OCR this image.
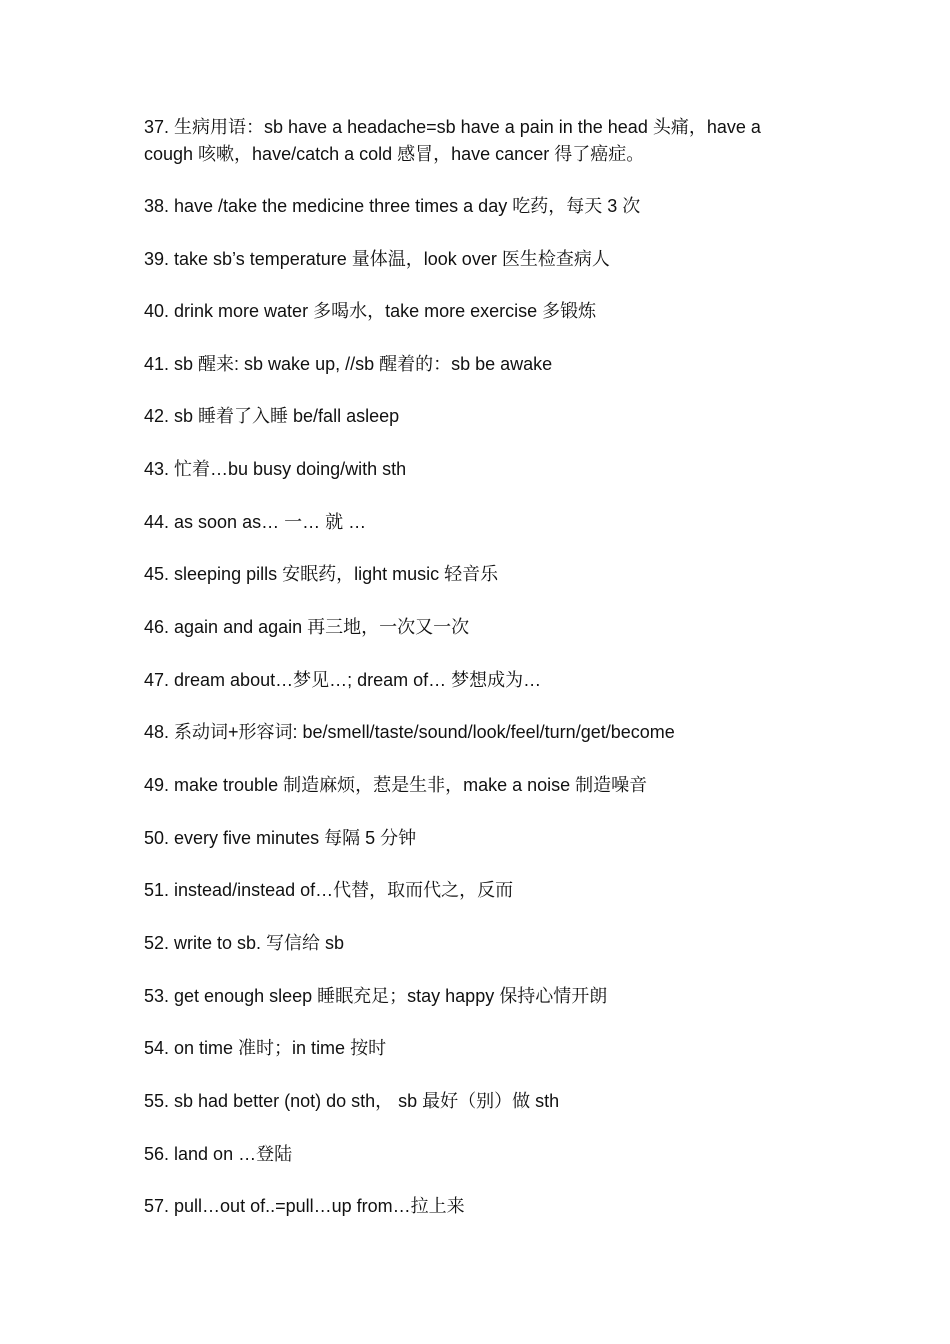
37. 生病用语：sb have a headache=sb have a pain in the head 头痛，have a cough 咳嗽，have/catch a cold 感冒，have cancer 得了癌症。
38. have /take the medicine three times a day 吃药，每天 3 次
39. take sb’s temperature 量体温，look over 医生检查病人
40. drink more water 多喝水，take more exercise 多锻炼
41. sb 醒来: sb wake up, //sb 醒着的：sb be awake
42. sb 睡着了入睡 be/fall asleep
43. 忙着…bu busy doing/with sth
44. as soon as… 一… 就 …
45. sleeping pills 安眠药，light music 轻音乐
46. again and again 再三地，一次又一次
47. dream about…梦见…; dream of… 梦想成为…
48. 系动词+形容词: be/smell/taste/sound/look/feel/turn/get/become
49. make trouble 制造麻烦，惹是生非，make a noise 制造噪音
50. every five minutes 每隔 5 分钟
51. instead/instead of…代替，取而代之，反而
52. write to sb. 写信给 sb
53. get enough sleep 睡眠充足；stay happy 保持心情开朗
54. on time 准时；in time 按时
55. sb had better (not) do sth， sb 最好（别）做 sth
56. land on …登陆
57. pull…out of..=pull…up from…拉上来
